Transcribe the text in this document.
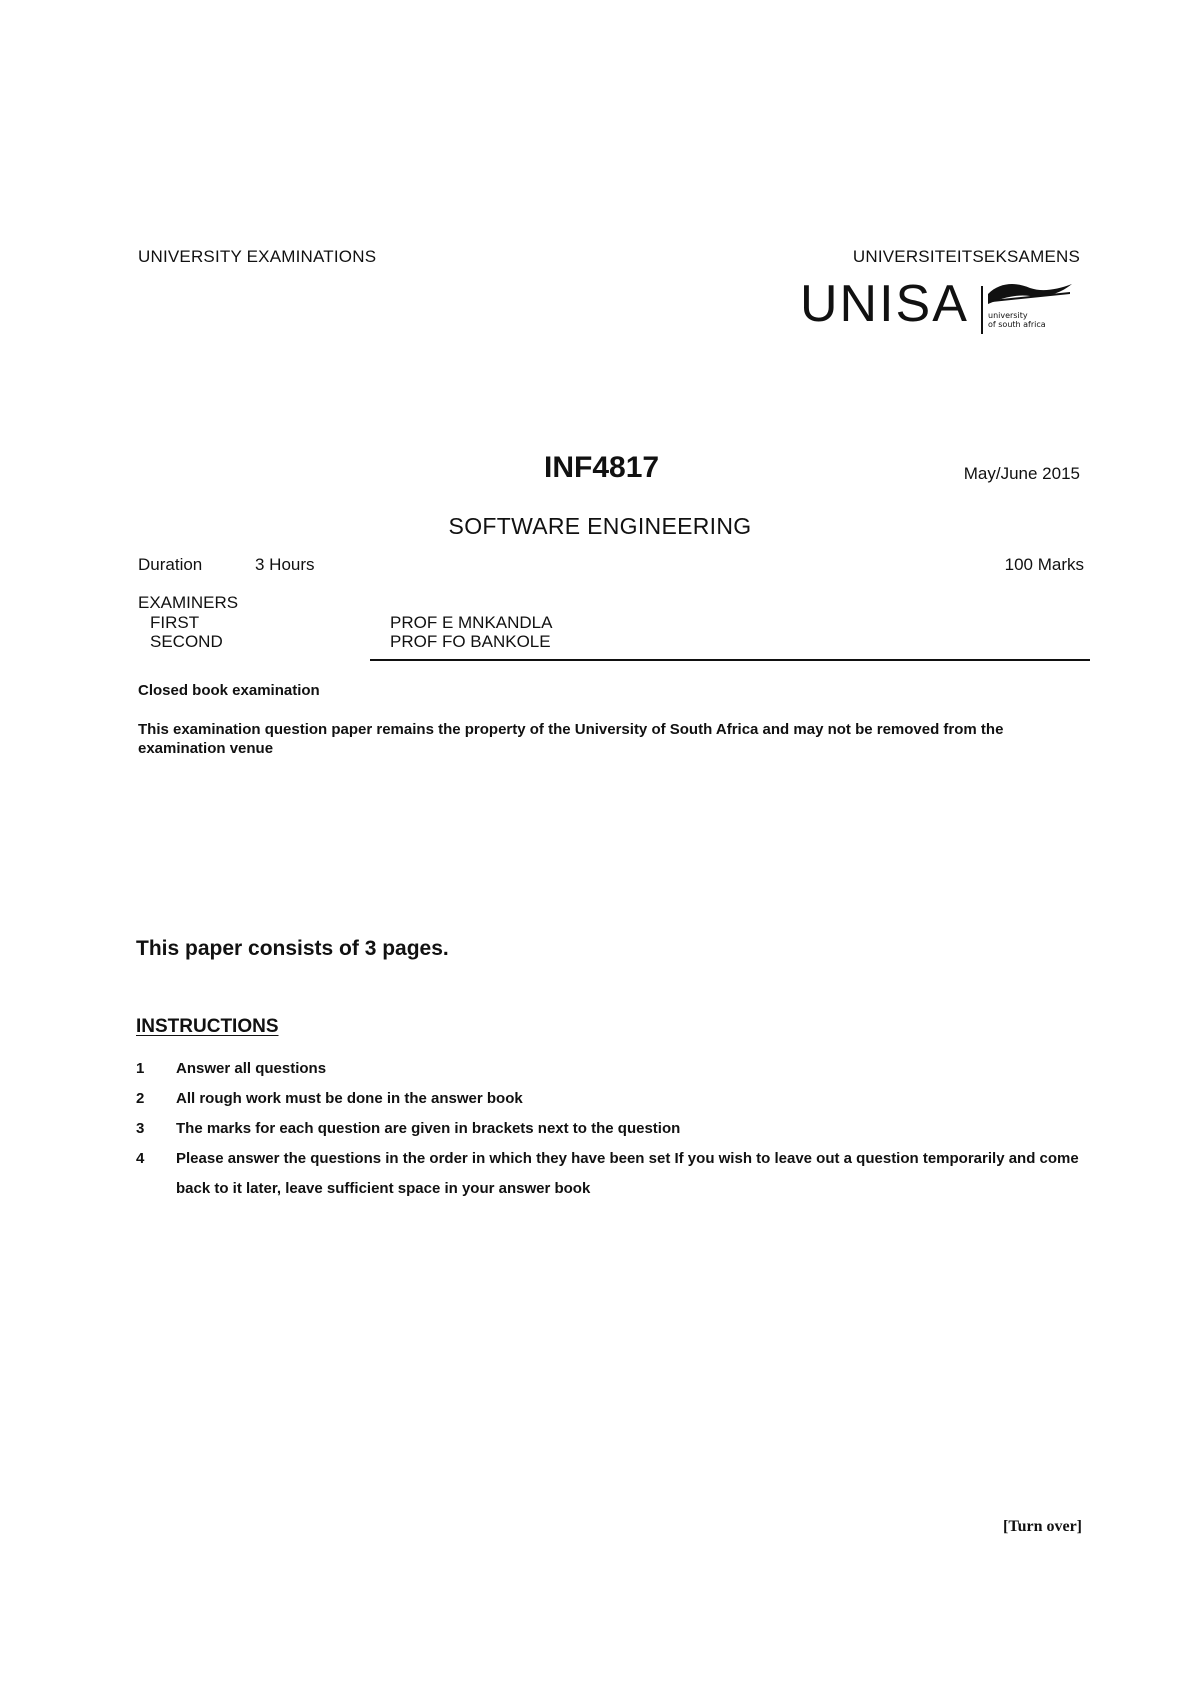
UNIVERSITY EXAMINATIONS	UNIVERSITEITSEKSAMENS
UNISA university
of south africa
INF4817	May/June 2015
SOFTWARE ENGINEERING
Duration	3 Hours	100 Marks
EXAMINERS
FIRST	PROF E MNKANDLA
SECOND	PROF FO BANKOLE
Closed book examination
This examination question paper remains the property of the University of South Africa and may not be removed from the examination venue
This paper consists of 3 pages.
INSTRUCTIONS
1	Answer all questions
2	All rough work must be done in the answer book
3	The marks for each question are given in brackets next to the question
4	Please answer the questions in the order in which they have been set If you wish to leave out a question temporarily and come back to it later, leave sufficient space in your answer book
[Turn over]
